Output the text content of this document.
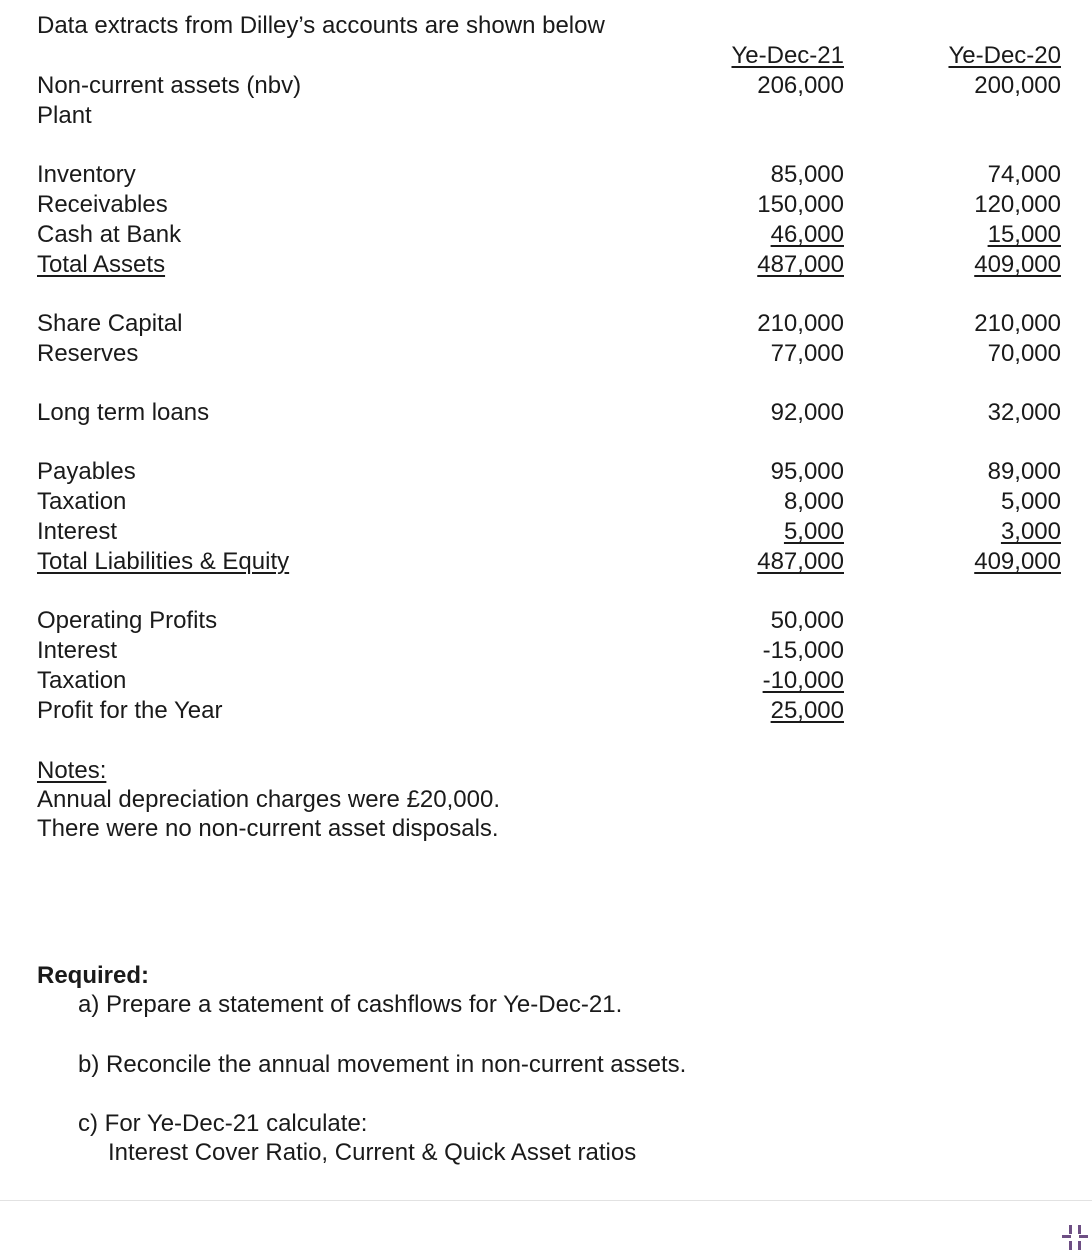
Data extracts from Dilley’s accounts are shown below
Ye-Dec-21	Ye-Dec-20
Non-current assets (nbv)
Plant
Inventory
Receivables
Cash at Bank
Total Assets
Share Capital
Reserves
Long term loans
Payables
Taxation
Interest
Total Liabilities & Equity
Operating Profits
Interest
Taxation
Profit for the Year
206,000
85,000
150,000
46,000
487,000
210,000
77,000
92,000
95,000
8,000
5,000
487,000
50,000
-15,000
-10,000
25,000
200,000
74,000
120,000
15,000
409,000
210,000
70,000
32,000
89,000
5,000
3,000
409,000
Notes:
Annual depreciation charges were £20,000.
There were no non-current asset disposals.
Required:
a) Prepare a statement of cashflows for Ye-Dec-21.
b) Reconcile the annual movement in non-current assets.
c) For Ye-Dec-21 calculate:
Interest Cover Ratio, Current & Quick Asset ratios
